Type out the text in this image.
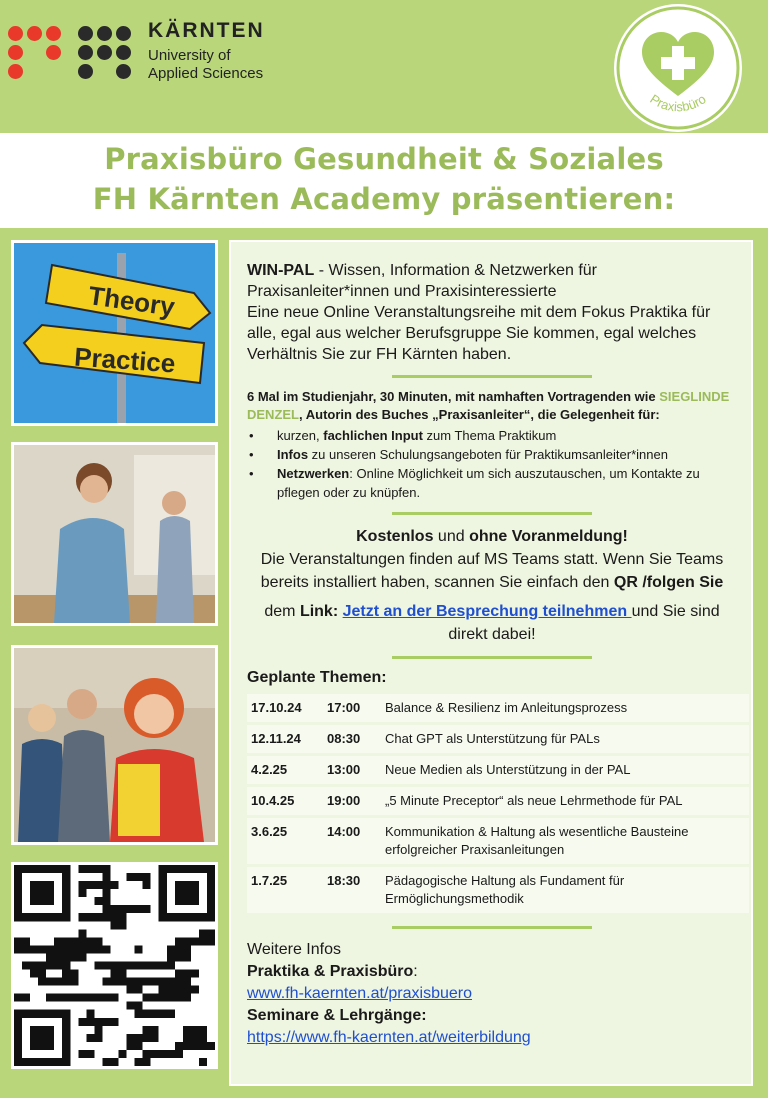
KÄRNTEN
University of
Applied Sciences
Praxisbüro
Praxisbüro Gesundheit & Soziales
FH Kärnten Academy präsentieren:
Theory
Practice
WIN-PAL - Wissen, Information & Netzwerken für Praxisanleiter*innen und Praxisinteressierte
Eine neue Online Veranstaltungsreihe mit dem Fokus Praktika für alle, egal aus welcher Berufsgruppe Sie kommen, egal welches Verhältnis Sie zur FH Kärnten haben.
6 Mal im Studienjahr, 30 Minuten, mit namhaften Vortragenden wie SIEGLINDE DENZEL, Autorin des Buches „Praxisanleiter“, die Gelegenheit für:
• kurzen, fachlichen Input zum Thema Praktikum
• Infos zu unseren Schulungsangeboten für Praktikumsanleiter*innen
• Netzwerken: Online Möglichkeit um sich auszutauschen, um Kontakte zu pflegen oder zu knüpfen.
Kostenlos und ohne Voranmeldung!
Die Veranstaltungen finden auf MS Teams statt. Wenn Sie Teams bereits installiert haben, scannen Sie einfach den QR /folgen Sie
dem Link: Jetzt an der Besprechung teilnehmen und Sie sind direkt dabei!
Geplante Themen:
17.10.24	17:00	Balance & Resilienz im Anleitungsprozess
12.11.24	08:30	Chat GPT als Unterstützung für PALs
4.2.25	13:00	Neue Medien als Unterstützung in der PAL
10.4.25	19:00	„5 Minute Preceptor“ als neue Lehrmethode für PAL
3.6.25	14:00	Kommunikation & Haltung als wesentliche Bausteine erfolgreicher Praxisanleitungen
1.7.25	18:30	Pädagogische Haltung als Fundament für Ermöglichungsmethodik
Weitere Infos
Praktika & Praxisbüro:
www.fh-kaernten.at/praxisbuero
Seminare & Lehrgänge:
https://www.fh-kaernten.at/weiterbildung
